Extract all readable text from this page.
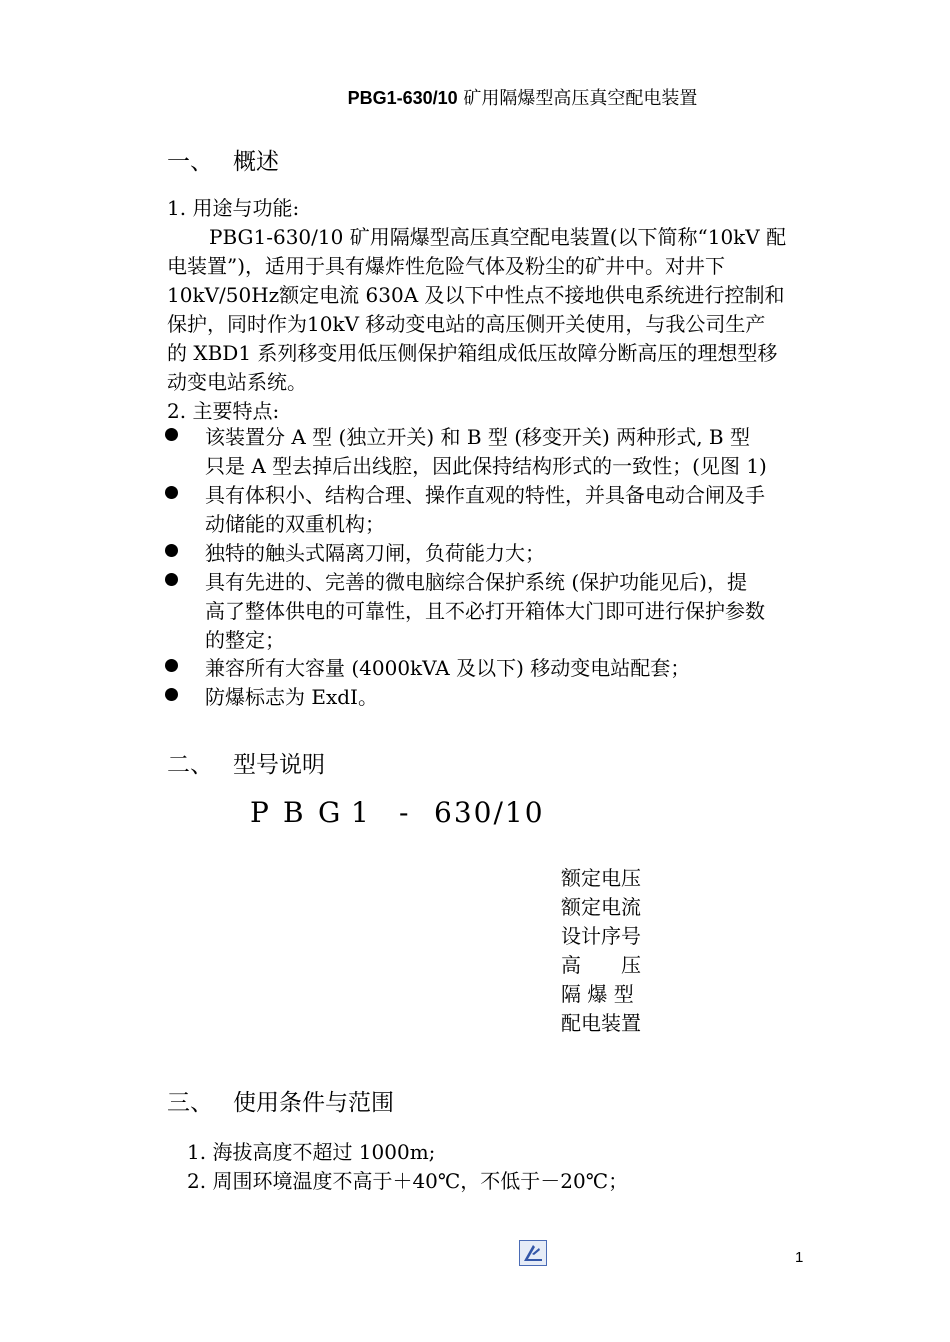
PBG1-630/10 矿用隔爆型高压真空配电装置
一、 概述
1. 用途与功能:
PBG1-630/10 矿用隔爆型高压真空配电装置(以下简称“10kV 配
电装置”)，适用于具有爆炸性危险气体及粉尘的矿井中。对井下
10kV/50Hz额定电流 630A 及以下中性点不接地供电系统进行控制和
保护，同时作为10kV 移动变电站的高压侧开关使用，与我公司生产
的 XBD1 系列移变用低压侧保护箱组成低压故障分断高压的理想型移
动变电站系统。
2. 主要特点:
该装置分 A 型 (独立开关) 和 B 型 (移变开关) 两种形式, B 型
只是 A 型去掉后出线腔，因此保持结构形式的一致性；(见图 1)
具有体积小、结构合理、操作直观的特性，并具备电动合闸及手
动储能的双重机构；
独特的触头式隔离刀闸，负荷能力大；
具有先进的、完善的微电脑综合保护系统 (保护功能见后)，提
高了整体供电的可靠性，且不必打开箱体大门即可进行保护参数
的整定；
兼容所有大容量 (4000kVA 及以下) 移动变电站配套；
防爆标志为 ExdI。
二、 型号说明
P B G 1 - 630/10
额定电压
额定电流
设计序号
高　　压
隔 爆 型
配电装置
三、 使用条件与范围
1. 海拔高度不超过 1000m;
2. 周围环境温度不高于＋40℃，不低于－20℃；
1
